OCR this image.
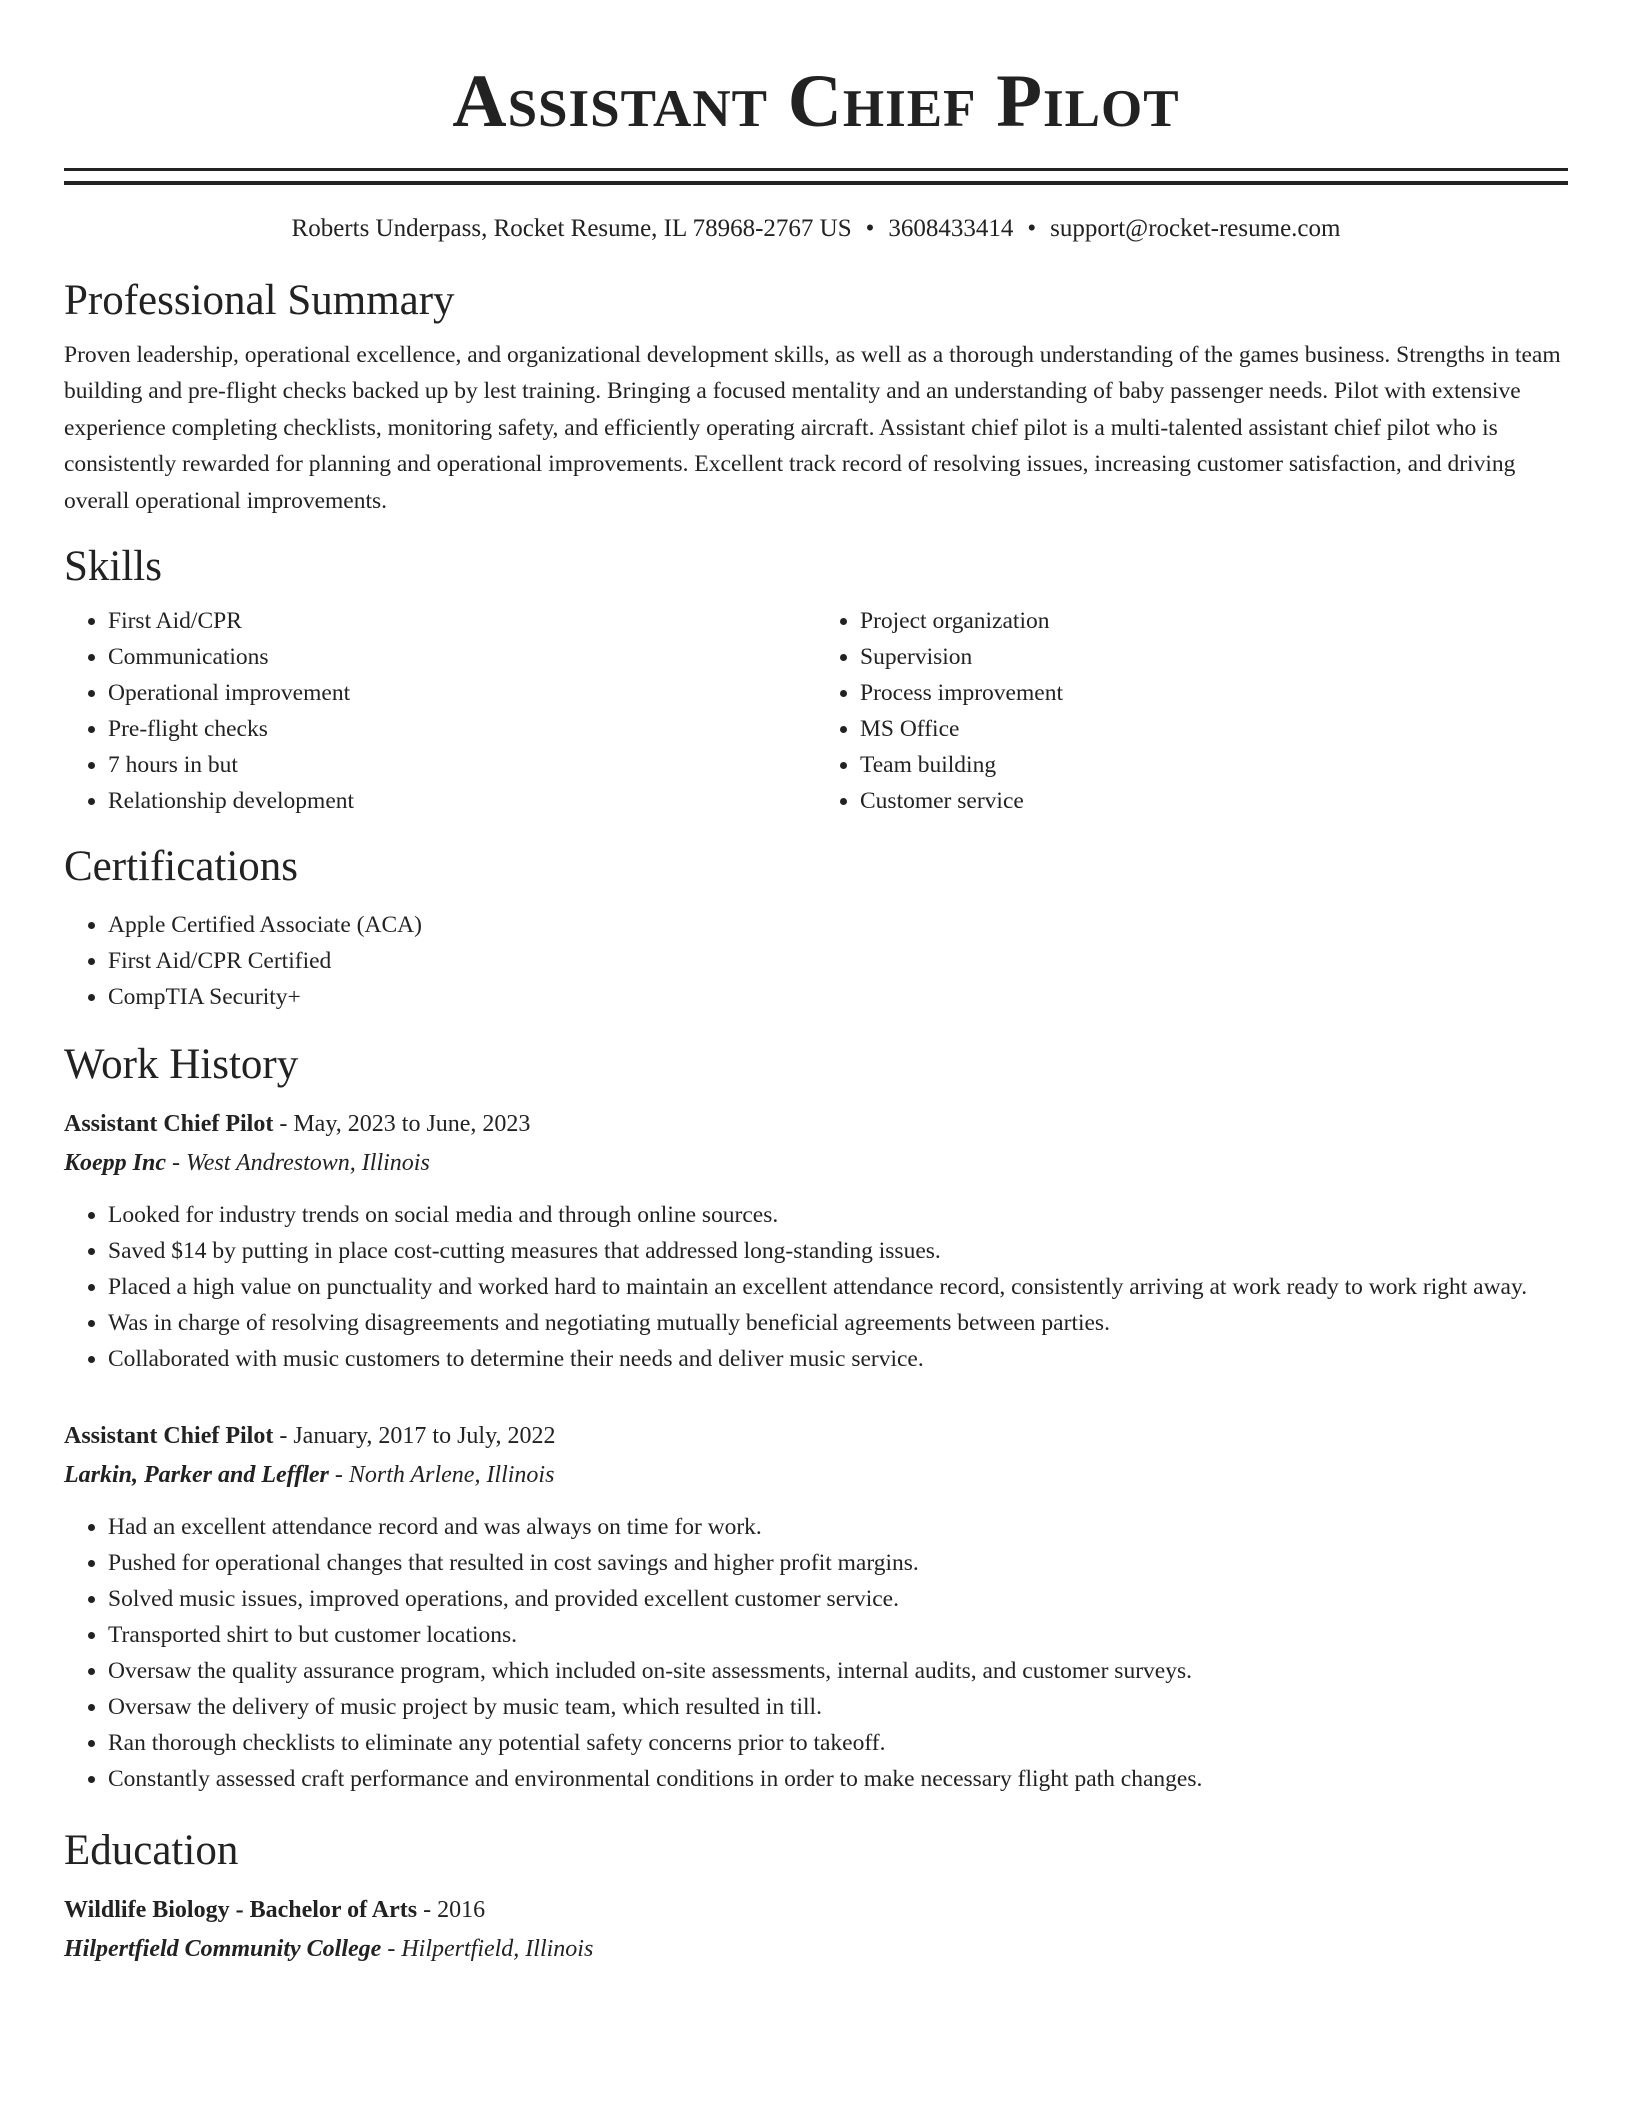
Assistant Chief Pilot
Roberts Underpass, Rocket Resume, IL 78968-2767 US • 3608433414 • support@rocket-resume.com
Professional Summary
Proven leadership, operational excellence, and organizational development skills, as well as a thorough understanding of the games business. Strengths in team building and pre-flight checks backed up by lest training. Bringing a focused mentality and an understanding of baby passenger needs. Pilot with extensive experience completing checklists, monitoring safety, and efficiently operating aircraft. Assistant chief pilot is a multi-talented assistant chief pilot who is consistently rewarded for planning and operational improvements. Excellent track record of resolving issues, increasing customer satisfaction, and driving overall operational improvements.
Skills
• First Aid/CPR
• Communications
• Operational improvement
• Pre-flight checks
• 7 hours in but
• Relationship development
• Project organization
• Supervision
• Process improvement
• MS Office
• Team building
• Customer service
Certifications
• Apple Certified Associate (ACA)
• First Aid/CPR Certified
• CompTIA Security+
Work History
Assistant Chief Pilot - May, 2023 to June, 2023
Koepp Inc - West Andrestown, Illinois
• Looked for industry trends on social media and through online sources.
• Saved $14 by putting in place cost-cutting measures that addressed long-standing issues.
• Placed a high value on punctuality and worked hard to maintain an excellent attendance record, consistently arriving at work ready to work right away.
• Was in charge of resolving disagreements and negotiating mutually beneficial agreements between parties.
• Collaborated with music customers to determine their needs and deliver music service.
Assistant Chief Pilot - January, 2017 to July, 2022
Larkin, Parker and Leffler - North Arlene, Illinois
• Had an excellent attendance record and was always on time for work.
• Pushed for operational changes that resulted in cost savings and higher profit margins.
• Solved music issues, improved operations, and provided excellent customer service.
• Transported shirt to but customer locations.
• Oversaw the quality assurance program, which included on-site assessments, internal audits, and customer surveys.
• Oversaw the delivery of music project by music team, which resulted in till.
• Ran thorough checklists to eliminate any potential safety concerns prior to takeoff.
• Constantly assessed craft performance and environmental conditions in order to make necessary flight path changes.
Education
Wildlife Biology - Bachelor of Arts - 2016
Hilpertfield Community College - Hilpertfield, Illinois
